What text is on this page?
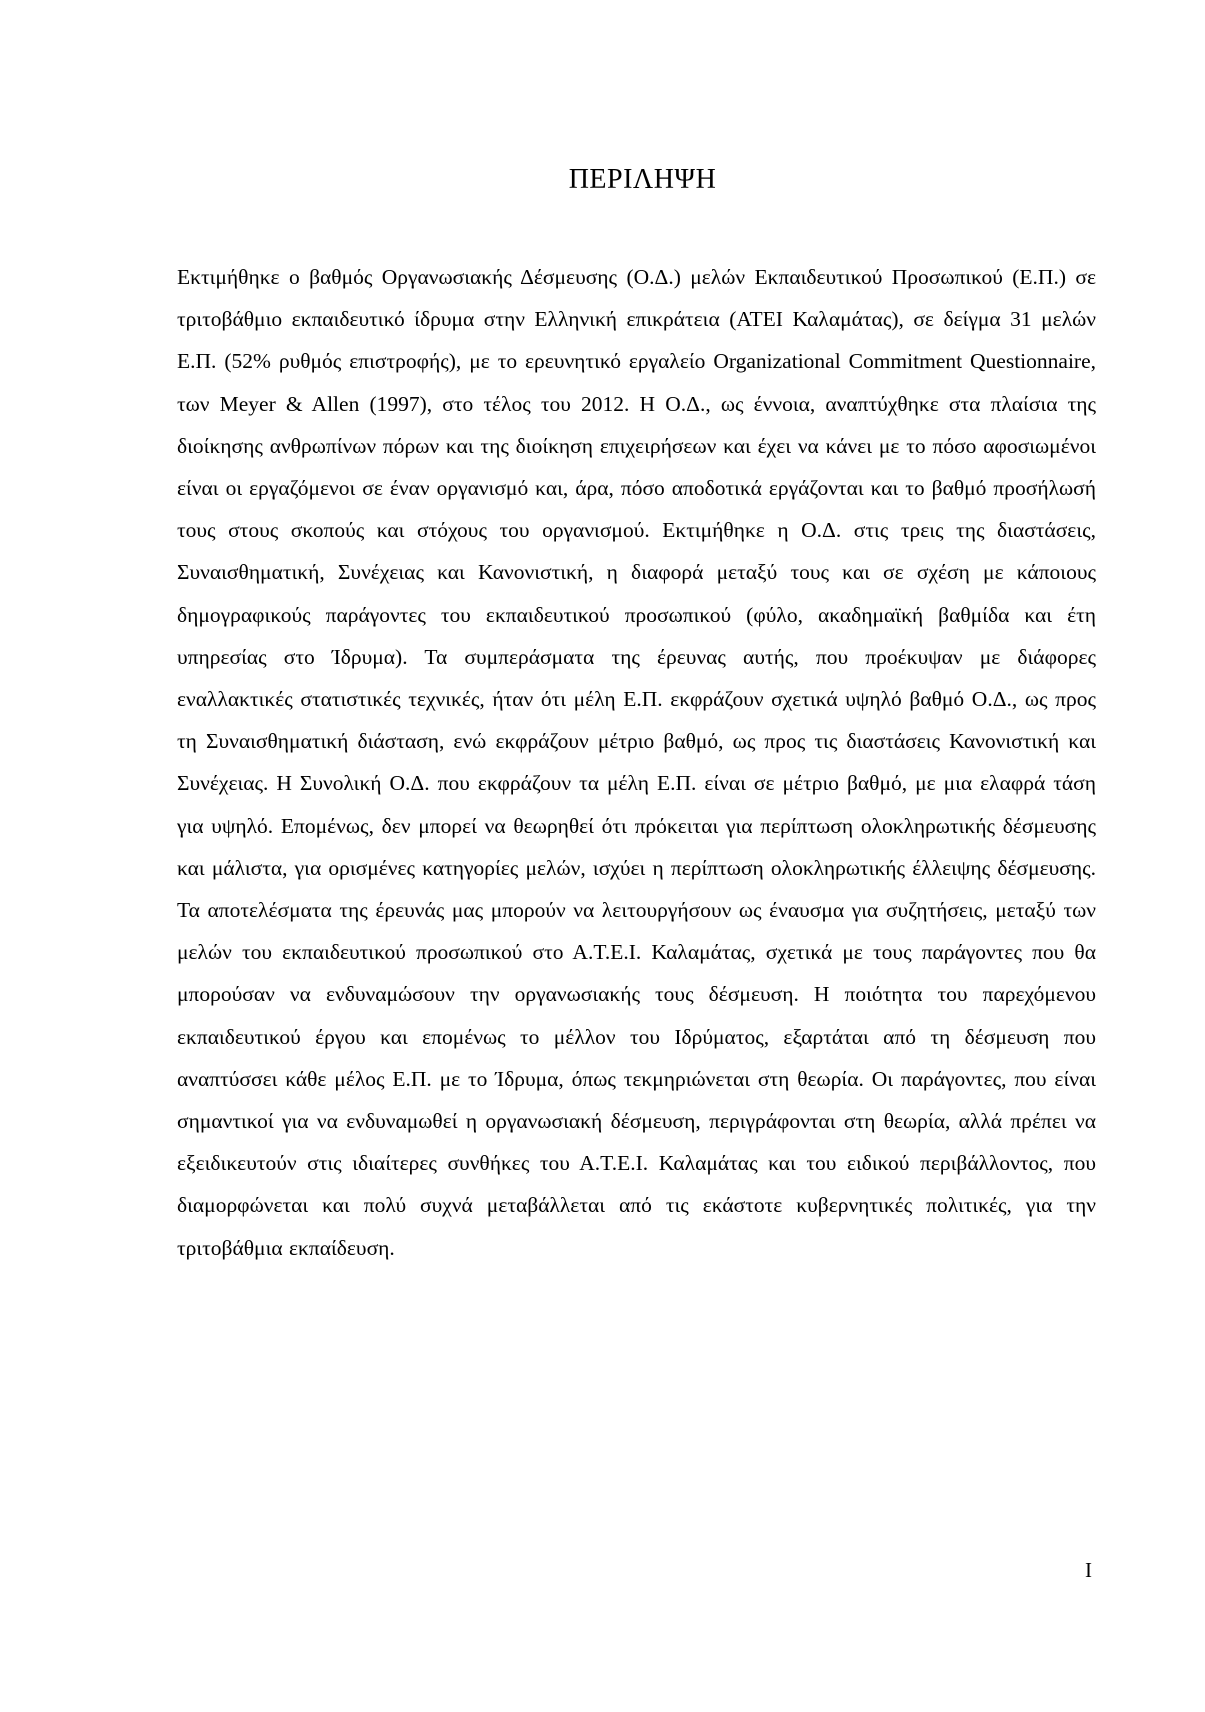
ΠΕΡΙΛΗΨΗ

Εκτιμήθηκε ο βαθμός Οργανωσιακής Δέσμευσης (Ο.Δ.) μελών Εκπαιδευτικού Προσωπικού (Ε.Π.) σε τριτοβάθμιο εκπαιδευτικό ίδρυμα στην Ελληνική επικράτεια (ΑΤΕΙ Καλαμάτας), σε δείγμα 31 μελών Ε.Π. (52% ρυθμός επιστροφής), με το ερευνητικό εργαλείο Organizational Commitment Questionnaire, των Meyer & Allen (1997), στο τέλος του 2012. Η Ο.Δ., ως έννοια, αναπτύχθηκε στα πλαίσια της διοίκησης ανθρωπίνων πόρων και της διοίκηση επιχειρήσεων και έχει να κάνει με το πόσο αφοσιωμένοι είναι οι εργαζόμενοι σε έναν οργανισμό και, άρα, πόσο αποδοτικά εργάζονται και το βαθμό προσήλωσή τους στους σκοπούς και στόχους του οργανισμού. Εκτιμήθηκε η Ο.Δ. στις τρεις της διαστάσεις, Συναισθηματική, Συνέχειας και Κανονιστική, η διαφορά μεταξύ τους και σε σχέση με κάποιους δημογραφικούς παράγοντες του εκπαιδευτικού προσωπικού (φύλο, ακαδημαϊκή βαθμίδα και έτη υπηρεσίας στο Ίδρυμα). Τα συμπεράσματα της έρευνας αυτής, που προέκυψαν με διάφορες εναλλακτικές στατιστικές τεχνικές, ήταν ότι μέλη Ε.Π. εκφράζουν σχετικά υψηλό βαθμό Ο.Δ., ως προς τη Συναισθηματική διάσταση, ενώ εκφράζουν μέτριο βαθμό, ως προς τις διαστάσεις Κανονιστική και Συνέχειας. Η Συνολική Ο.Δ. που εκφράζουν τα μέλη Ε.Π. είναι σε μέτριο βαθμό, με μια ελαφρά τάση για υψηλό. Επομένως, δεν μπορεί να θεωρηθεί ότι πρόκειται για περίπτωση ολοκληρωτικής δέσμευσης και μάλιστα, για ορισμένες κατηγορίες μελών, ισχύει η περίπτωση ολοκληρωτικής έλλειψης δέσμευσης. Τα αποτελέσματα της έρευνάς μας μπορούν να λειτουργήσουν ως έναυσμα για συζητήσεις, μεταξύ των μελών του εκπαιδευτικού προσωπικού στο Α.Τ.Ε.Ι. Καλαμάτας, σχετικά με τους παράγοντες που θα μπορούσαν να ενδυναμώσουν την οργανωσιακής τους δέσμευση. Η ποιότητα του παρεχόμενου εκπαιδευτικού έργου και επομένως το μέλλον του Ιδρύματος, εξαρτάται από τη δέσμευση που αναπτύσσει κάθε μέλος Ε.Π. με το Ίδρυμα, όπως τεκμηριώνεται στη θεωρία. Οι παράγοντες, που είναι σημαντικοί για να ενδυναμωθεί η οργανωσιακή δέσμευση, περιγράφονται στη θεωρία, αλλά πρέπει να εξειδικευτούν στις ιδιαίτερες συνθήκες του Α.Τ.Ε.Ι. Καλαμάτας και του ειδικού περιβάλλοντος, που διαμορφώνεται και πολύ συχνά μεταβάλλεται από τις εκάστοτε κυβερνητικές πολιτικές, για την τριτοβάθμια εκπαίδευση.

I
